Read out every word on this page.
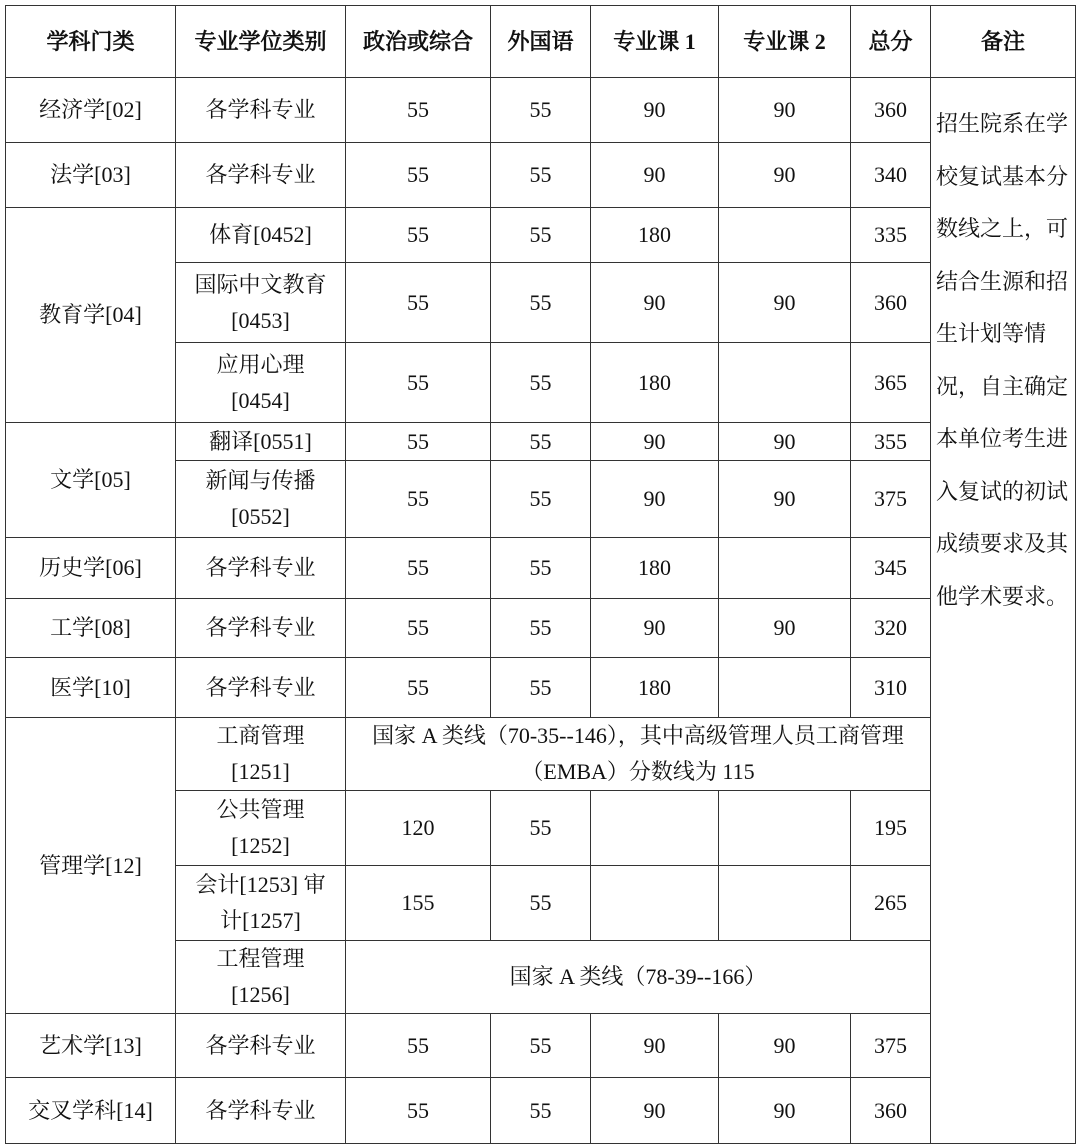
学科门类	专业学位类别	政治或综合	外国语	专业课 1	专业课 2	总分	备注
经济学[02]	各学科专业	55	55	90	90	360	招生院系在学校复试基本分数线之上，可结合生源和招生计划等情况，自主确定本单位考生进入复试的初试成绩要求及其他学术要求。

法学[03]	各学科专业	55	55	90	90	340	
教育学[04]	体育[0452]	55	55	180		335	
	国际中文教育[0453]	55	55	90	90	360	
	应用心理[0454]	55	55	180		365	
文学[05]	翻译[0551]	55	55	90	90	355	
	新闻与传播[0552]	55	55	90	90	375	
历史学[06]	各学科专业	55	55	180		345	
工学[08]	各学科专业	55	55	90	90	320	
医学[10]	各学科专业	55	55	180		310	
管理学[12]	工商管理[1251]	国家 A 类线（70-35--146），其中高级管理人员工商管理（EMBA）分数线为 115					
	公共管理[1252]	120	55			195	
	会计[1253] 审计[1257]	155	55			265	
	工程管理[1256]	国家 A 类线（78-39--166）					
艺术学[13]	各学科专业	55	55	90	90	375	
交叉学科[14]	各学科专业	55	55	90	90	360	
